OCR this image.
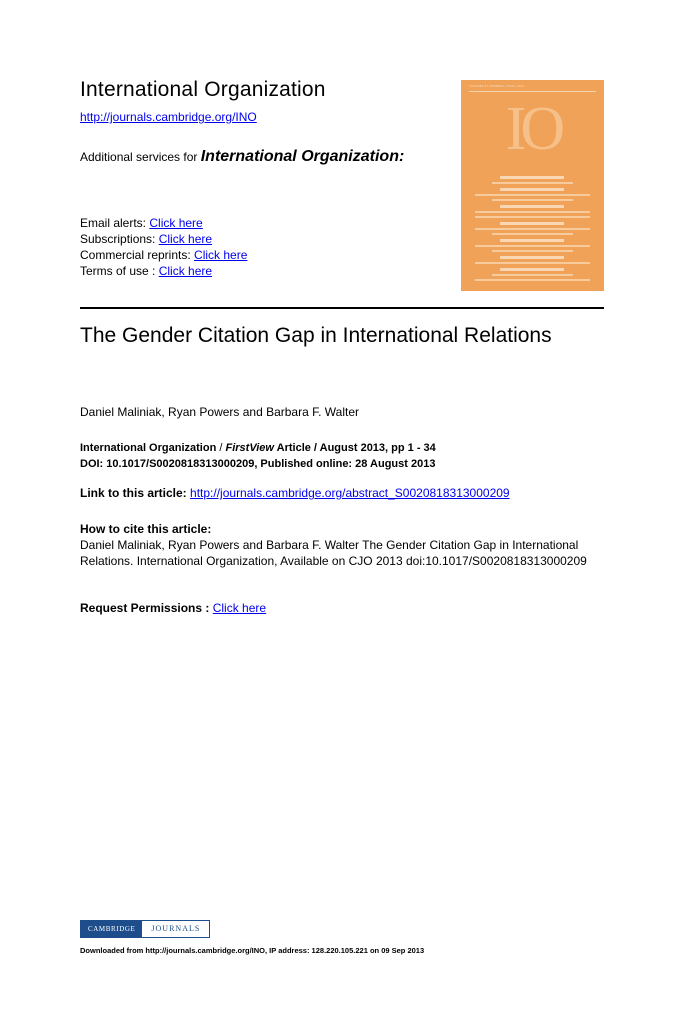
International Organization
http://journals.cambridge.org/INO
Additional services for International Organization:
Email alerts: Click here
Subscriptions: Click here
Commercial reprints: Click here
Terms of use : Click here
VOLUME 67 NUMBER 4 FALL 2013
IO
The Gender Citation Gap in International Relations
Daniel Maliniak, Ryan Powers and Barbara F. Walter
International Organization / FirstView Article / August 2013, pp 1 - 34
DOI: 10.1017/S0020818313000209, Published online: 28 August 2013
Link to this article: http://journals.cambridge.org/abstract_S0020818313000209
How to cite this article:
Daniel Maliniak, Ryan Powers and Barbara F. Walter The Gender Citation Gap in International Relations. International Organization, Available on CJO 2013 doi:10.1017/S0020818313000209
Request Permissions : Click here
CAMBRIDGE	JOURNALS
Downloaded from http://journals.cambridge.org/INO, IP address: 128.220.105.221 on 09 Sep 2013
